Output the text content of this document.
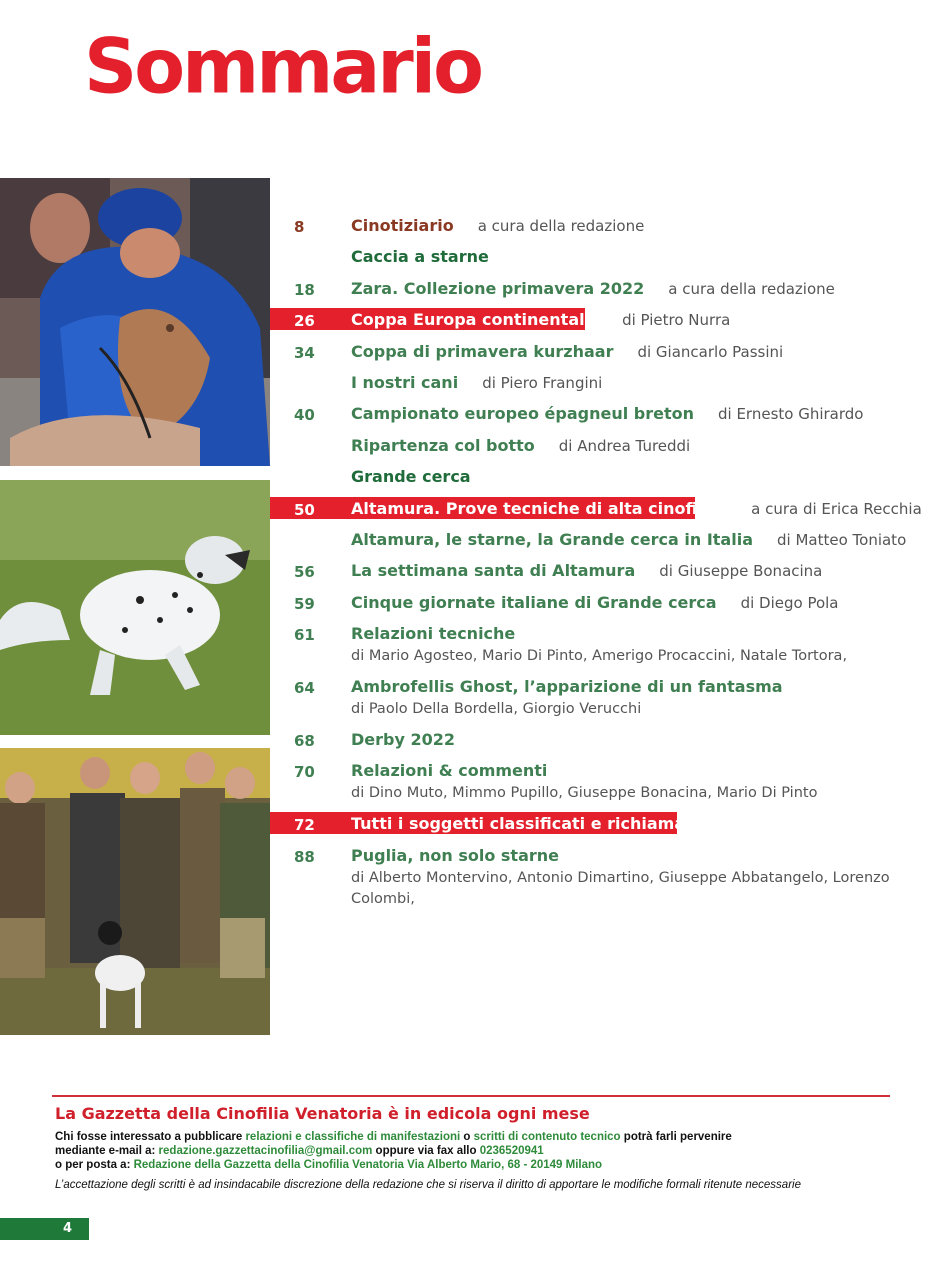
Sommario
8	Cinotiziario a cura della redazione
Caccia a starne
18	Zara. Collezione primavera 2022 a cura della redazione
26	Coppa Europa continentali di Pietro Nurra
34	Coppa di primavera kurzhaar di Giancarlo Passini
I nostri cani di Piero Frangini
40	Campionato europeo épagneul breton di Ernesto Ghirardo
Ripartenza col botto di Andrea Tureddi
Grande cerca
50	Altamura. Prove tecniche di alta cinofilia a cura di Erica Recchia
Altamura, le starne, la Grande cerca in Italia di Matteo Toniato
56	La settimana santa di Altamura di Giuseppe Bonacina
59	Cinque giornate italiane di Grande cerca di Diego Pola
61	Relazioni tecniche
di Mario Agosteo, Mario Di Pinto, Amerigo Procaccini, Natale Tortora,
64	Ambrofellis Ghost, l’apparizione di un fantasma
di Paolo Della Bordella, Giorgio Verucchi
68	Derby 2022
70	Relazioni & commenti
di Dino Muto, Mimmo Pupillo, Giuseppe Bonacina, Mario Di Pinto
72	Tutti i soggetti classificati e richiamati
88	Puglia, non solo starne
di Alberto Montervino, Antonio Dimartino, Giuseppe Abbatangelo, Lorenzo Colombi,
La Gazzetta della Cinofilia Venatoria è in edicola ogni mese
Chi fosse interessato a pubblicare relazioni e classifiche di manifestazioni o scritti di contenuto tecnico potrà farli pervenire
mediante e-mail a: redazione.gazzettacinofilia@gmail.com oppure via fax allo 0236520941
o per posta a: Redazione della Gazzetta della Cinofilia Venatoria Via Alberto Mario, 68 - 20149 Milano
L’accettazione degli scritti è ad insindacabile discrezione della redazione che si riserva il diritto di apportare le modifiche formali ritenute necessarie
4
